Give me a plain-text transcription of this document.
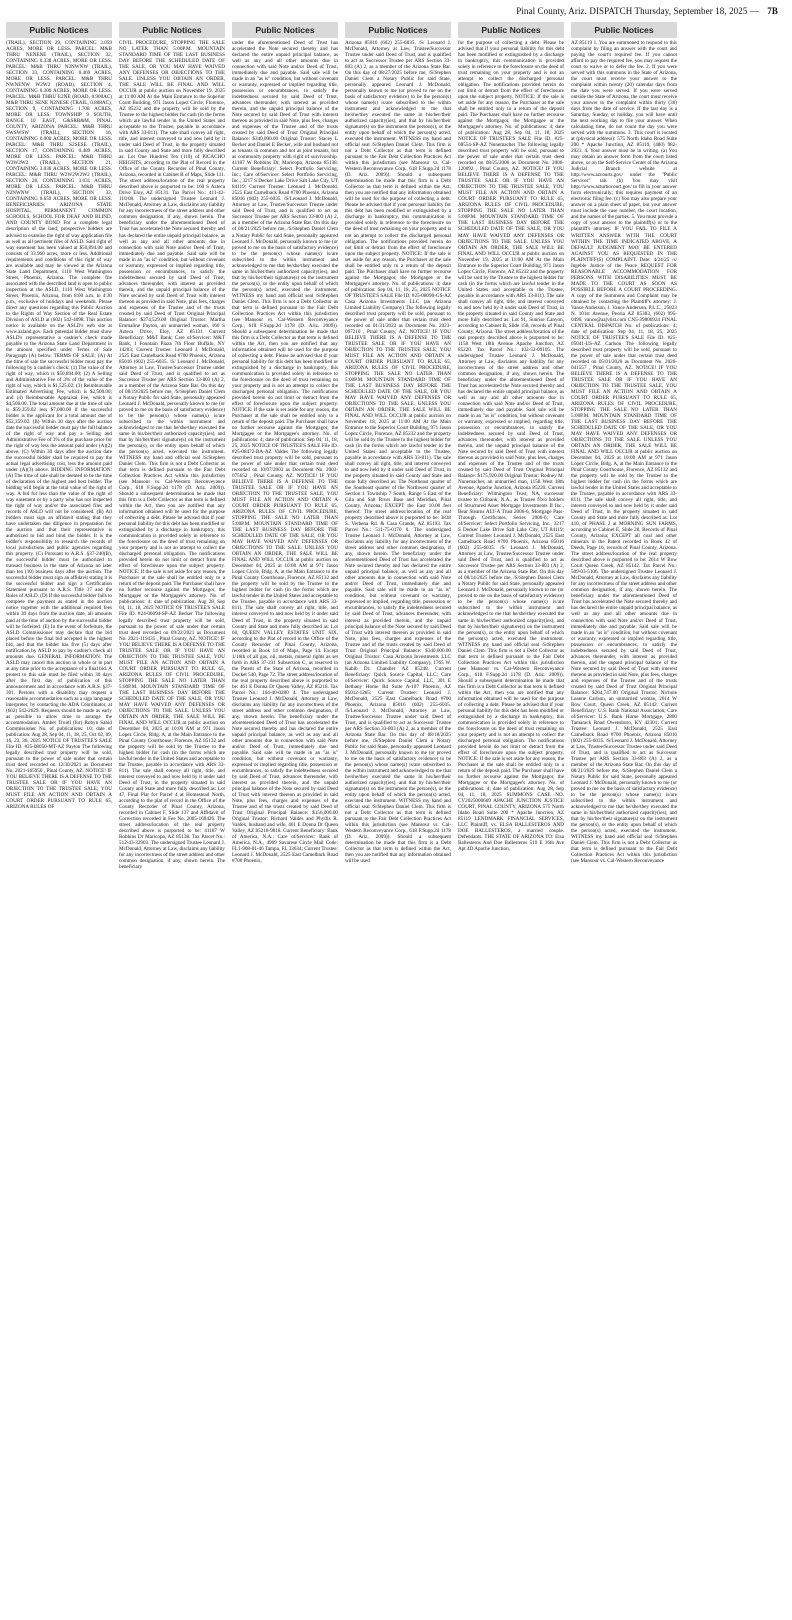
Pinal County, Ariz. DISPATCH Thursday, September 18, 2025 — 7B
Public Notices
(TRAIL), SECTION 29, CONTAINING 3.059 ACRES, MORE OR LESS. PARCEL: M&B THRU NENENE (TRAIL), SECTION 32, CONTAINING 0.338 ACRES, MORE OR LESS. PARCEL: M&B THRU N2NWNW (TRAIL), SECTION 33, CONTAINING 0.469 ACRES, MORE OR LESS. PARCEL: M&B THRU NWNENW W2W2 (ROAD), SECTION 4, CONTAINING 0.300 ACRES, MORE OR LESS. PARCEL: M&B THRU E2NE (ROAD, 0.900AC) M&B THRU SENE N2NESE (TRAIL, 0.808AC), SECTION 9, CONTAINING 1.708 ACRES, MORE OR LESS. TOWNSHIP 9 SOUTH, RANGE 10 EAST, G&SRB&M, PINAL COUNTY, ARIZONA PARCEL: M&B THRU SWSWSW (TRAIL), SECTION 16, CONTAINING 0.000 ACRES, MORE OR LESS. PARCEL: M&B THRU S2SESE (TRAIL), SECTION 17, CONTAINING 0.489 ACRES, MORE OR LESS. PARCEL: M&B THRU W2W2W2 (TRAIL), SECTION 21, CONTAINING 3.036 ACRES, MORE OR LESS. PARCEL: M&B THRU W2W2W2W2 (TRAIL), SECTION 28, CONTAINING 3.031 ACRES, MORE OR LESS. PARCEL: M&B THRU N2NWNW (TRAIL), SECTION 33, CONTAINING 0.659 ACRES, MORE OR LESS. BENEFICIARIES: ARIZONA STATE HOSPITAL, PERMANENT COMMON SCHOOLS, SCHOOL FOR DEAF AND BLIND, AND COUNTY BOND For a complete legal description of the land, prospective bidders are advised to examine the right of way application file as well as all pertinent files of ASLD. Said right of way easement has been valued at $50,894.00 and consists of 33.960 acres, more or less. Additional requirements and conditions of this right of way are available and may be viewed at the Arizona State Land Department, 1110 West Washington Street, Phoenix, Arizona. The complete file associated with the described land is open to public inspection at the ASLD, 1110 West Washington Street, Phoenix, Arizona, from 8:00 a.m. to 4:30 p.m., exclusive of holidays and weekends. Please direct any questions regarding this Public Auction to the Rights of Way Section of the Real Estate Division of ASLD at (602) 542-4098. This auction notice is available on the ASLD's web site at www.azland.gov. Each potential bidder must show ASLD's representative a cashier's check made payable to the Arizona State Land Department in the amount specified under Terms of Sale Paragraph (A) below. TERMS OF SALE: (A) At the time of sale the successful bidder must pay the following by a cashier's check: (1) The value of the right of way, which is $50,894.00; (2) A Selling and Administrative Fee of 3% of the value of the right of way, which is $1,525.02; (3) Reimbursable Estimated Advertising Fee, which is $2,500.00; and (4) Reimbursable Appraisal Fee, which is $4,500.00. The total amount due at the time of sale is $59,359.02 less $7,000.00 if the successful bidder is the applicant for a total amount due of $52,359.02. (B) Within 30 days after the auction date the successful bidder must pay the full balance of the right of way and pay a Selling and Administrative Fee of 3% of the purchase price for the right of way less the amount paid under (A)(2) above. (C) Within 30 days after the auction date the successful bidder shall be required to pay the actual legal advertising cost, less the amount paid under (A)(3) above. BIDDING INFORMATION: (A) The time of sale shall be deemed to be the time of declaration of the highest and best bidder. The bidding will begin at the total value of the right of way. A bid for less than the value of the right of way easement or by a party who has not inspected the right of way and/or the associated files and records of ASLD will not be considered. (B) All bidders must sign an affidavit stating that they have undertaken due diligence in preparation for the auction and that their representative is authorized to bid and bind the bidder. It is the bidder's responsibility to research the records of local jurisdictions and public agencies regarding this property. (C) Pursuant to A.R.S. §37-240(B), the successful bidder must be authorized to transact business in the state of Arizona no later than ten (10) business days after the auction. The successful bidder must sign an affidavit stating it is the successful bidder and sign a Certification Statement pursuant to A.R.S. Title 37 and the Rules of ASLD. (D) If the successful bidder fails to complete the payment as stated in the auction notice together with the additional required fees within 30 days from the auction date, all amounts paid at the time of auction by the successful bidder will be forfeited. (E) In the event of forfeiture, the ASLD Commissioner may declare that the bid placed before the final bid accepted is the highest bid, and that the bidder has five (5) days after notification by ASLD to pay by cashier's check all amounts due. GENERAL INFORMATION: The ASLD may cancel this auction in whole or in part at any time prior to the acceptance of a final bid. A protest to this sale must be filed within 30 days after the first day of publication of this announcement and in accordance with A.R.S. §37-301. Persons with a disability may request a reasonable accommodation such as a sign language interpreter, by contacting the ADA Coordinator, at (602) 542-2629. Requests should be made as early as possible to allow time to arrange the accommodation. Amber Troidl (for) Robyn Sahid Commissioner No. of publications: 10; date of publication: Aug 28, Sep 04, 11, 18, 25, Oct 02, 09, 16, 23, 30, 2025 NOTICE OF TRUSTEE'S SALE File ID. #25-08050-MT-AZ Payton The following legally described trust property will be sold, pursuant to the power of sale under that certain trust deed recorded on 12/30/2021 as Document No. 2021-165950 , Pinal County, AZ. NOTICE! IF YOU BELIEVE THERE IS A DEFENSE TO THE TRUSTEE SALE OR IF YOU HAVE AN OBJECTION TO THE TRUSTEE SALE, YOU MUST FILE AN ACTION AND OBTAIN A COURT ORDER PURSUANT TO RULE 65, ARIZONA RULES OF
Public Notices
CIVIL PROCEDURE, STOPPING THE SALE NO LATER THAN 5:00P.M. MOUNTAIN STANDARD TIME OF THE LAST BUSINESS DAY BEFORE THE SCHEDULED DATE OF THE SALE, OR YOU MAY HAVE WAIVED ANY DEFENSES OR OBJECTIONS TO THE SALE. UNLESS YOU OBTAIN AN ORDER, THE SALE WILL BE FINAL AND WILL OCCUR at public auction on November 19, 2025 at 11:00 AM At the Main Entrance to the Superior Court Building, 971 Jason Lopez Circle, Florence, AZ 85232 and the property will be sold by the Trustee to the highest bidder for cash (in the forms which are lawful tender in the United States and acceptable to the Trustee, payable in accordance with ARS 33-811). The sale shall convey all right, title, and interest conveyed to and now held by it under said Deed of Trust, in the property situated in said County and State and more fully described as: Lot One Hundred Ten (110) of PICACHO HEIGHTS, according to the Plat of Record in the Office of the County Recorder of Pinal County, Arizona, recorded in Cabinet B of Maps, Slide 111. The street address/location of the real property described above is purported to be: 160 S Azteca Drive Eloy, AZ 85131. Tax Parcel No.: 411-42-110/08. The undersigned Trustee Leonard J. McDonald, Attorney at Law, disclaims any liability for any incorrectness of the street address and other common designation, if any, shown herein. The beneficiary under the aforementioned Deed of Trust has accelerated the Note secured thereby and has declared the entire unpaid principal balance, as well as any and all other amounts due in connection with said Note and/or Deed of Trust, immediately due and payable. Said sale will be made in an "as is" condition, but without covenant or warranty, expressed or implied regarding title, possession or encumbrances, to satisfy the indebtedness secured by said Deed of Trust, advances thereunder, with interest as provided therein, and the unpaid principal balance of the Note secured by said Deed of Trust with interest thereon as provided in said Note, plus fees, charges and expenses of the Trustee and of the trusts created by said Deed of Trust Original Principal Balance: $274,529.00 Original Trustor: Martha Emmaline Payton, an unmarried woman, 160 S Azteca Drive, Eloy, AZ 85131 Current Beneficiary: M&T Bank; Care of/Servicer: M&T Bank, 1 Fountain Plaza 7th Floor Buffalo, NY 14203; Current Trustee: Leonard J. McDonald, 2525 East Camelback Road #700 Phoenix, Arizona 85016 (602) 255-6035. /S/ Leonard J. McDonald, Attorney at Law, Trustee/Successor Trustee under said Deed of Trust, and is qualified to act as Successor Trustee per ARS Section 33-803 (A) 2, as a member of the Arizona State Bar. On this day of 08/19/2025 before me, /S/Stephen Daniel Clem a Notary Public for said State, personally appeared Leonard J. McDonald, personally known to me (or proved to me on the basis of satisfactory evidence) to be the person(s) whose name(s) is/are subscribed to the within instrument and acknowledged to me that he/she/they executed the same in his/her/their authorized capacity(ies), and that by his/her/their signature(s) on the instrument the person(s), or the entity upon behalf of which the person(s) acted, executed the instrument. WITNESS my hand and official seal /S/Stephen Daniel Clem. This firm is not a Debt Collector as that term is defined pursuant to the Fair Debt Collection Practices Act within this jurisdiction (see Mansour vs. Cal-Western Reconveyance Corp., 618 F.Supp.2d 1178 (D. Ariz. 2009)). Should a subsequent determination be made that this firm is a Debt Collector as that term is defined within the Act, then you are notified that any information obtained will be used for the purpose of collecting a debt. Please be advised that if your personal liability for this debt has been modified or extinguished by a discharge in bankruptcy, this communication is provided solely in reference to the foreclosure on the deed of trust remaining on your property and is not an attempt to collect the discharged personal obligation. The notifications provided herein do not limit or detract from the effect of foreclosure upon the subject property. NOTICE: If the sale is set aside for any reason, the Purchaser at the sale shall be entitled only to a return of the deposit paid. The Purchaser shall have no further recourse against the Mortgagor, the Mortgagee or the Mortgagee's attorney. No. of publications: 4; date of publication: Aug 28, Sep 04, 11, 18, 2025 NOTICE OF TRUSTEE'S SALE File ID. #24-06094-SP-AZ Becker The following legally described trust property will be sold, pursuant to the power of sale under that certain trust deed recorded on 09/22/2021 as Document No. 2021-119435 , Pinal County, AZ. NOTICE! IF YOU BELIEVE THERE IS A DEFENSE TO THE TRUSTEE SALE OR IF YOU HAVE AN OBJECTION TO THE TRUSTEE SALE, YOU MUST FILE AN ACTION AND OBTAIN A COURT ORDER PURSUANT TO RULE 65, ARIZONA RULES OF CIVIL PROCEDURE, STOPPING THE SALE NO LATER THAN 5:00P.M. MOUNTAIN STANDARD TIME OF THE LAST BUSINESS DAY BEFORE THE SCHEDULED DATE OF THE SALE, OR YOU MAY HAVE WAIVED ANY DEFENSES OR OBJECTIONS TO THE SALE. UNLESS YOU OBTAIN AN ORDER, THE SALE WILL BE FINAL AND WILL OCCUR at public auction on December 04, 2025 at 10:00 AM at 971 Jason Lopez Circle, Bldg. A, at the Main Entrance to the Pinal County Courthouse, Florence, AZ 85132 and the property will be sold by the Trustee to the highest bidder for cash (in the forms which are lawful tender in the United States and acceptable to the Trustee, payable in accordance with ARS 33-811). The sale shall convey all right, title, and interest conveyed to and now held by it under said Deed of Trust, in the property situated in said County and State and more fully described as: Lot 47, Final Plat for Parcel 4 at Homestead North, according to the plat of record in the Office of the County Recorder of Pinal County, Arizona, recorded in Cabinet F, Slide 137 and Affidavit of Correction recorded in Fee No. 2005-169426. The street address/location of the real property described above is purported to be: 41187 W Robbins Dr Maricopa, AZ 85138. Tax Parcel No.: 512-43-32903. The undersigned Trustee Leonard J. McDonald, Attorney at Law, disclaims any liability for any incorrectness of the street address and other common designation, if any, shown herein. The beneficiary
Public Notices
under the aforementioned Deed of Trust has accelerated the Note secured thereby and has declared the entire unpaid principal balance, as well as any and all other amounts due in connection with said Note and/or Deed of Trust, immediately due and payable. Said sale will be made in an "as is" condition, but without covenant or warranty, expressed or implied regarding title, possession or encumbrances, to satisfy the indebtedness secured by said Deed of Trust, advances thereunder, with interest as provided therein, and the unpaid principal balance of the Note secured by said Deed of Trust with interest thereon as provided in said Note, plus fees, charges and expenses of the Trustee and of the trusts created by said Deed of Trust Original Principal Balance: $340,000.00 Original Trustor: Stacey L Becker and Daniel E Becker, wife and husband not as tenants in common and not as joint tenants, but as community property with right of survivorship. 41187 W Robbins Dr, Maricopa, Arizona 85138. Current Beneficiary: Select Portfolio Servicing, Inc.; Care of/Servicer: Select Portfolio Servicing, Inc., 3217 S Decker Lake Drive Salt Lake City, UT 84119; Current Trustee: Leonard J. McDonald, 2525 East Camelback Road #700 Phoenix, Arizona 85016 (602) 255-6035. /S/Leonard J. McDonald, Attorney at Law, Trustee/Successor Trustee under said Deed of Trust, and is qualified to act as Successor Trustee per ARS Section 33-803 (A) 2, as a member of the Arizona State Bar. On this day of 08/21/2025 before me, /S/Stephen Daniel Clem a Notary Public for said State, personally appeared Leonard J. McDonald, personally known to me (or proved to me on the basis of satisfactory evidence) to be the person(s) whose name(s) is/are subscribed to the within instrument and acknowledged to me that he/she/they executed the same in his/her/their authorized capacity(ies), and that by his/her/their signature(s) on the instrument the person(s), or the entity upon behalf of which the person(s) acted, executed the instrument. WITNESS my hand and official seal /S/Stephen Daniel Clem. This firm is not a Debt Collector as that term is defined pursuant to the Fair Debt Collection Practices Act within this jurisdiction (see Mansour vs. Cal-Western Reconveyance Corp., 618 F.Supp.2d 1178 (D. Ariz. 2009)). Should a subsequent determination be made that this firm is a Debt Collector as that term is defined within the Act, then you are notified that any information obtained will be used for the purpose of collecting a debt. Please be advised that if your personal liability for this debt has been modified or extinguished by a discharge in bankruptcy, this communication is provided solely in reference to the foreclosure on the deed of trust remaining on your property and is not an attempt to collect the discharged personal obligation. The notifications provided herein do not limit or detract from the effect of foreclosure upon the subject property. NOTICE: If the sale is set aside for any reason, the Purchaser at the sale shall be entitled only to a return of the deposit paid. The Purchaser shall have no further recourse against the Mortgagor, the Mortgagee or the Mortgagee's attorney. No. of publications: 4; date of publication: Sep 04, 11, 18, 25, 2025 NOTICE OF TRUSTEE'S SALE File ID. #25-08472-BA-AZ Valdes The following legally described trust property will be sold, pursuant to the power of sale under that certain trust deed recorded on 10/07/2003 as Document No. 2003-075652 , Pinal County, AZ. NOTICE! IF YOU BELIEVE THERE IS A DEFENSE TO THE TRUSTEE SALE OR IF YOU HAVE AN OBJECTION TO THE TRUSTEE SALE, YOU MUST FILE AN ACTION AND OBTAIN A COURT ORDER PURSUANT TO RULE 65, ARIZONA RULES OF CIVIL PROCEDURE, STOPPING THE SALE NO LATER THAN 5:00P.M. MOUNTAIN STANDARD TIME OF THE LAST BUSINESS DAY BEFORE THE SCHEDULED DATE OF THE SALE, OR YOU MAY HAVE WAIVED ANY DEFENSES OR OBJECTIONS TO THE SALE. UNLESS YOU OBTAIN AN ORDER, THE SALE WILL BE FINAL AND WILL OCCUR at public auction on December 04, 2025 at 10:00 AM at 971 Jason Lopez Circle, Bldg. A, at the Main Entrance to the Pinal County Courthouse, Florence, AZ 85132 and the property will be sold by the Trustee to the highest bidder for cash (in the forms which are lawful tender in the United States and acceptable to the Trustee, payable in accordance with ARS 33-811). The sale shall convey all right, title, and interest conveyed to and now held by it under said Deed of Trust, in the property situated in said County and State and more fully described as: Lot 60, QUEEN VALLEY ESTATES UNIT SIX, according to the Plat of record in the Office of the County Recorder of Pinal County, Arizona, recorded in Book 14 of Maps, Page 14. Except 1/16th of all gas, oil, metals, mineral rights as set forth in ARS 37-231 Subsection C, as reserved in the Patent of the State of Arizona, recorded in Docket 540, Page 72. The street address/location of the real property described above is purported to be: 461 E Donna Dr Queen Valley, AZ 85218. Tax Parcel No.: 104-40-0280 4. The undersigned Trustee Leonard J. McDonald, Attorney at Law, disclaims any liability for any incorrectness of the street address and other common designation, if any, shown herein. The beneficiary under the aforementioned Deed of Trust has accelerated the Note secured thereby and has declared the entire unpaid principal balance, as well as any and all other amounts due in connection with said Note and/or Deed of Trust, immediately due and payable. Said sale will be made in an "as is" condition, but without covenant or warranty, expressed or implied regarding title, possession or encumbrances, to satisfy the indebtedness secured by said Deed of Trust, advances thereunder, with interest as provided therein, and the unpaid principal balance of the Note secured by said Deed of Trust with interest thereon as provided in said Note, plus fees, charges and expenses of the Trustee and of the trusts created by said Deed of Trust Original Principal Balance: $156,000.00 Original Trustor: Richard Valdes and Phyllis R. Valdes, husband and wife, 461 E Donna Dr Queen Valley, AZ 85218-9818. Current Beneficiary: Bank of America, N.A.; Care of/Servicer: Bank of America, N.A., 4909 Savarese Circle Mail Code: FL1-908-01-46 Tampa, FL 33634; Current Trustee: Leonard J. McDonald, 2525 East Camelback Road #700 Phoenix,
Public Notices
Arizona 85016 (602) 255-6035. /S/ Leonard J. McDonald, Attorney at Law, Trustee/Successor Trustee under said Deed of Trust, and is qualified to act as Successor Trustee per ARS Section 33-803 (A) 2, as a member of the Arizona State Bar. On this day of 08/27/2025 before me, /S/Stephen Daniel Clem a Notary Public for said State, personally appeared Leonard J. McDonald, personally known to me (or proved to me on the basis of satisfactory evidence) to be the person(s) whose name(s) is/are subscribed to the within instrument and acknowledged to me that he/she/they executed the same in his/her/their authorized capacity(ies), and that by his/her/their signature(s) on the instrument the person(s), or the entity upon behalf of which the person(s) acted, executed the instrument. WITNESS my hand and official seal /S/Stephen Daniel Clem. This firm is not a Debt Collector as that term is defined pursuant to the Fair Debt Collection Practices Act within this jurisdiction (see Mansour vs. Cal-Western Reconveyance Corp., 618 F.Supp.2d 1178 (D. Ariz. 2009)). Should a subsequent determination be made that this firm is a Debt Collector as that term is defined within the Act, then you are notified that any information obtained will be used for the purpose of collecting a debt. Please be advised that if your personal liability for this debt has been modified or extinguished by a discharge in bankruptcy, this communication is provided solely in reference to the foreclosure on the deed of trust remaining on your property and is not an attempt to collect the discharged personal obligation. The notifications provided herein do not limit or detract from the effect of foreclosure upon the subject property. NOTICE: If the sale is set aside for any reason, the Purchaser at the sale shall be entitled only to a return of the deposit paid. The Purchaser shall have no further recourse against the Mortgagor, the Mortgagee or the Mortgagee's attorney. No. of publications: 4; date of publication: Sep 04, 11, 18, 25, 2025 NOTICE OF TRUSTEE'S SALE File ID. #25-08090-GS-AZ Casa Arizona Investments LLC (an Arizona Limited Liability Company) The following legally described trust property will be sold, pursuant to the power of sale under that certain trust deed recorded on 01/31/2023 as Document No. 2023-007210 , Pinal County, AZ. NOTICE! IF YOU BELIEVE THERE IS A DEFENSE TO THE TRUSTEE SALE OR IF YOU HAVE AN OBJECTION TO THE TRUSTEE SALE, YOU MUST FILE AN ACTION AND OBTAIN A COURT ORDER PURSUANT TO RULE 65, ARIZONA RULES OF CIVIL PROCEDURE, STOPPING THE SALE NO LATER THAN 5:00P.M. MOUNTAIN STANDARD TIME OF THE LAST BUSINESS DAY BEFORE THE SCHEDULED DATE OF THE SALE, OR YOU MAY HAVE WAIVED ANY DEFENSES OR OBJECTIONS TO THE SALE. UNLESS YOU OBTAIN AN ORDER, THE SALE WILL BE FINAL AND WILL OCCUR at public auction on November 18, 2025 at 11:00 AM At the Main Entrance to the Superior Court Building, 971 Jason Lopez Circle, Florence, AZ 85232 and the property will be sold by the Trustee to the highest bidder for cash (in the forms which are lawful tender in the United States and acceptable to the Trustee, payable in accordance with ARS 33-811). The sale shall convey all right, title, and interest conveyed to and now held by it under said Deed of Trust, in the property situated in said County and State and more fully described as: The Northeast quarter of the Southeast quarter of the Northwest quarter of Section 1 Township 7 South, Range 5 East of the Gila and Salt River Base and Meridian, Pinal County, Arizona; EXCEPT the East 10.00 feet thereof. The street address/location of the real property described above is purported to be: 3838 S. Verbena Rd. & Casa Grande, AZ 85193. Tax Parcel No.: 511-75-0170 0. The undersigned Trustee Leonard J. McDonald, Attorney at Law, disclaims any liability for any incorrectness of the street address and other common designation, if any, shown herein. The beneficiary under the aforementioned Deed of Trust has accelerated the Note secured thereby and has declared the entire unpaid principal balance, as well as any and all other amounts due in connection with said Note and/or Deed of Trust, immediately due and payable. Said sale will be made in an "as is" condition, but without covenant or warranty, expressed or implied, regarding title, possession or encumbrances, to satisfy the indebtedness secured by said Deed of Trust, advances thereunder, with interest as provided therein, and the unpaid principal balance of the Note secured by said Deed of Trust with interest thereon as provided in said Note, plus fees, charges and expenses of the Trustee and of the trusts created by said Deed of Trust Original Principal Balance: $340,000.00 Original Trustor: Casa Arizona Investments LLC (an Arizona Limited Liability Company), 1765 W. Kabib Dr. Chandler AZ 85248. Current Beneficiary: Quick Source Capital, LLC; Care of/Servicer: Quick Source Capital, LLC, 301 E Bethany Home Rd Suite A-107 Phoenix, AZ 85012-1265; Current Trustee: Leonard J. McDonald, 2525 East Camelback Road #700 Phoenix, Arizona 85016 (602) 255-6035. /S/Leonard J. McDonald, Attorney at Law, Trustee/Successor Trustee under said Deed of Trust, and is qualified to act as Successor Trustee per ARS Section 33-803 (A) 2, as a member of the Arizona State Bar. On this day of 08/18/2025 before me, /S/Stephen Daniel Clem a Notary Public for said State, personally appeared Leonard J. McDonald, personally known to me (or proved to me on the basis of satisfactory evidence) to be the person(s) whose name(s) is/are subscribed to the within instrument and acknowledged to me that he/she/they executed the same in his/her/their authorized capacity(ies), and that by his/her/their signature(s) on the instrument the person(s), or the entity upon behalf of which the person(s) acted, executed the instrument. WITNESS my hand and official seal /S/Stephen Daniel Clem. This firm is not a Debt Collector as that term is defined pursuant to the Fair Debt Collection Practices Act within this jurisdiction (see Mansour vs. Cal-Western Reconveyance Corp., 618 F.Supp.2d 1178 (D. Ariz. 2009)). Should a subsequent determination be made that this firm is a Debt Collector as that term is defined within the Act, then you are notified that any information obtained will be used
Public Notices
for the purpose of collecting a debt. Please be advised that if your personal liability for this debt has been modified or extinguished by a discharge in bankruptcy, this communication is provided solely in reference to the foreclosure on the deed of trust remaining on your property and is not an attempt to collect the discharged personal obligation. The notifications provided herein do not limit or detract from the effect of foreclosure upon the subject property. NOTICE: If the sale is set aside for any reason, the Purchaser at the sale shall be entitled only to a return of the deposit paid. The Purchaser shall have no further recourse against the Mortgagor, the Mortgagee or the Mortgagee's attorney. No. of publications: 4; date of publication: Aug 28, Sep 04, 11, 18, 2025 NOTICE OF TRUSTEE'S SALE File ID. #25-08554-SP-AZ Nunemacher The following legally described trust property will be sold, pursuant to the power of sale under that certain trust deed recorded on 08/25/2006 as Document No. 2006-120092 , Pinal County, AZ. NOTICE! IF YOU BELIEVE THERE IS A DEFENSE TO THE TRUSTEE SALE OR IF YOU HAVE AN OBJECTION TO THE TRUSTEE SALE, YOU MUST FILE AN ACTION AND OBTAIN A COURT ORDER PURSUANT TO RULE 65, ARIZONA RULES OF CIVIL PROCEDURE, STOPPING THE SALE NO LATER THAN 5:00P.M. MOUNTAIN STANDARD TIME OF THE LAST BUSINESS DAY BEFORE THE SCHEDULED DATE OF THE SALE, OR YOU MAY HAVE WAIVED ANY DEFENSES OR OBJECTIONS TO THE SALE. UNLESS YOU OBTAIN AN ORDER, THE SALE WILL BE FINAL AND WILL OCCUR at public auction on November 19, 2025 at 11:00 AM At the Main Entrance to the Superior Court Building, 971 Jason Lopez Circle, Florence, AZ 85232 and the property will be sold by the Trustee to the highest bidder for cash (in the forms which are lawful tender in the United States and acceptable to the Trustee, payable in accordance with ARS 33-811). The sale shall convey all right, title, and interest conveyed to and now held by it under said Deed of Trust, in the property situated in said County and State and more fully described as: Lot 91, Sunrise Canyon, according to Cabinet B, Slide 158, records of Pinal County, Arizona. The street address/location of the real property described above is purported to be: 1158 West 18th Avenue Apache Junction, AZ 85220. Tax Parcel No.: 102-52-09105. The undersigned Trustee Leonard J. McDonald, Attorney at Law, disclaims any liability for any incorrectness of the street address and other common designation, if any, shown herein. The beneficiary under the aforementioned Deed of Trust has accelerated the Note secured thereby and has declared the entire unpaid principal balance, as well as any and all other amounts due in connection with said Note and/or Deed of Trust, immediately due and payable. Said sale will be made in an "as is" condition, but without covenant or warranty, expressed or implied, regarding title, possession or encumbrances, to satisfy the indebtedness secured by said Deed of Trust, advances thereunder, with interest as provided therein, and the unpaid principal balance of the Note secured by said Deed of Trust with interest thereon as provided in said Note, plus fees, charges and expenses of the Trustee and of the trusts created by said Deed of Trust Original Principal Balance: $175,920.00 Original Trustor: Rodney M. Nunemacher, an unmarried man, 1158 West 18th Avenue, Apache Junction, Arizona 85220. Current Beneficiary: Wilmington Trust, NA, successor trustee to Citibank, N.A., as Trustee f/b/o holders of Structured Asset Mortgage Investments II Inc., Bear Stearns ALT-A Trust 2006-6, Mortgage Pass-Through Certificates, Series 2006-6; Care of/Servicer: Select Portfolio Servicing, Inc., 3217 S Decker Lake Drive Salt Lake City, UT 84119; Current Trustee: Leonard J. McDonald, 2525 East Camelback Road #700 Phoenix, Arizona 85016 (602) 255-6035. /S/ Leonard J. McDonald, Attorney at Law, Trustee/Successor Trustee under said Deed of Trust, and is qualified to act as Successor Trustee per ARS Section 33-803 (A) 2, as a member of the Arizona State Bar. On this day of 08/14/2025 before me, /S/Stephen Daniel Clem a Notary Public for said State, personally appeared Leonard J. McDonald, personally known to me (or proved to me on the basis of satisfactory evidence) to be the person(s) whose name(s) is/are subscribed to the within instrument and acknowledged to me that he/she/they executed the same in his/her/their authorized capacity(ies), and that by his/her/their signature(s) on the instrument the person(s), or the entity upon behalf of which the person(s) acted, executed the instrument. WITNESS my hand and official seal /S/Stephen Daniel Clem. This firm is not a Debt Collector as that term is defined pursuant to the Fair Debt Collection Practices Act within this jurisdiction (see Mansour vs. Cal-Western Reconveyance Corp., 618 F.Supp.2d 1178 (D. Ariz. 2009)). Should a subsequent determination be made that this firm is a Debt Collector as that term is defined within the Act, then you are notified that any information obtained will be used for the purpose of collecting a debt. Please be advised that if your personal liability for this debt has been modified or extinguished by a discharge in bankruptcy, this communication is provided solely in reference to the foreclosure on the deed of trust remaining on your property and is not an attempt to collect the discharged personal obligation. The notifications provided herein do not limit or detract from the effect of foreclosure upon the subject property. NOTICE: If the sale is set aside for any reason, the Purchaser at the sale shall be entitled only to a return of the deposit paid. The Purchaser shall have no further recourse against the Mortgagor, the Mortgagee or the Mortgagee's attorney. No. of publications: 4; date of publication: Aug 28, Sep 04, 11, 18, 2025 SUMMONS CASE NO. CV2025000669 APACHE JUNCTION JUSTICE COURT, PINAL COUNTY, ARIZONA 575 North Idaho Road Suite 200 * Apache Junction, AZ 85119 LENDMARK FINANCIAL SERVICES, LLC Plaintiff, vs. ELSA BALLESTEROS AND DOE BALLESTEROS, a married couple. Defendants. THE STATE OF ARIZONA TO: Elsa Ballesteros And Doe Ballesteros 510 E 16th Ave Apt 4D Apache Junction,
Public Notices
AZ 85119 1. You are summoned to respond to this complaint by filing an answer with the court and paying the court's required fee. If you cannot afford to pay the required fee, you may request the court to waive or to defer the fee. 2. If you were served with this summons in the State of Arizona, the court must receive your answer to the complaint within twenty (20) calendar days from the date you were served. If you were served outside the State of Arizona, the court must receive your answer to the complaint within thirty (30) days from the date of service. If the last day is a Saturday, Sunday, or holiday, you will have until the next working day to file your answer. When calculating time, do not count the day you were served with the summons. 3. This court is located at (physical address): 575 North Idaho Road Suite 200 * Apache Junction, AZ 85119, (480) 982-2921. 4. Your answer must be in writing. (a) You may obtain an answer form from the court listed above, or on the Self-Service Center of the Arizona Judicial Branch website at http://www.azcourts.gov/ under the "Public Services" tab. (b) You may visit http://www.azturbocourt.gov/ to fill in your answer form electronically; this requires payment of an electronic filing fee. (c) You may also prepare your answer on a plain sheet of paper, but your answer must include the case number, the court location, and the names of the parties. 5. You must provide a copy of your answer to the plaintiff(s) or to the plaintiff's attorney. IF YOU FAIL TO FILE A WRITTEN ANSWER WITH THE COURT WITHIN THE TIME INDICATED ABOVE, A DEFAULT JUDGMENT MAY BE ENTERED AGAINST YOU AS REQUESTED IN THE PLAINTIFF(S) COMPLAINT. Date: 4/24/25 /s/ Ingeble Justice of the Peace REQUEST FOR REASONABLE ACCOMMODATION FOR PERSONS WITH DISABILITIES MUST BE MADE TO THE COURT AS SOON AS POSSIBLE BEFORE A COURT PROCEEDING. A copy of the Summons and Complaint may be obtained by contacting the Plaintiff's attorney: J. Vance Anderson, J. Vance Anderson, P.L.C., 25823 N. 101st Avenue, Peoria AZ 85383, (602) 995-0490, vance@azjvlist.com CN5-39806924 FINAL CENTRAL DISPATCH No. of publications: 4; date of publication: Sep 04, 11, 18, 25, 2025 NOTICE OF TRUSTEE'S SALE File ID. #25-05041-US-AZ Carlson The following legally described trust property will be sold, pursuant to the power of sale under that certain trust deed recorded on 05/01/2020 as Document No. 2020-041557 , Pinal County, AZ. NOTICE! IF YOU BELIEVE THERE IS A DEFENSE TO THE TRUSTEE SALE OR IF YOU HAVE AN OBJECTION TO THE TRUSTEE SALE, YOU MUST FILE AN ACTION AND OBTAIN A COURT ORDER PURSUANT TO RULE 65, ARIZONA RULES OF CIVIL PROCEDURE, STOPPING THE SALE NO LATER THAN 5:00P.M. MOUNTAIN STANDARD TIME OF THE LAST BUSINESS DAY BEFORE THE SCHEDULED DATE OF THE SALE, OR YOU MAY HAVE WAIVED ANY DEFENSES OR OBJECTIONS TO THE SALE. UNLESS YOU OBTAIN AN ORDER, THE SALE WILL BE FINAL AND WILL OCCUR at public auction on December 04, 2025 at 10:00 AM at 971 Jason Lopez Circle, Bldg. A, at the Main Entrance to the Pinal County Courthouse, Florence, AZ 85132 and the property will be sold by the Trustee to the highest bidder for cash (in the forms which are lawful tender in the United States and acceptable to the Trustee, payable in accordance with ARS 33-811). The sale shall convey all right, title, and interest conveyed to and now held by it under said Deed of Trust, in the property situated in said County and State and more fully described as: Lot 410, of PHASE 2 at MORNING SUN FARMS, according to Cabinet E, Slide 28, Records of Pinal County, Arizona; EXCEPT all coal and other minerals in the Patent recorded in Book 42 of Deeds, Page 16, records of Pinal County, Arizona. The street address/location of the real property described above is purported to be: 2614 W Bow Court Queen Creek, AZ 85142. Tax Parcel No.: 509-03-5106. The undersigned Trustee Leonard J. McDonald, Attorney at Law, disclaims any liability for any incorrectness of the street address and other common designation, if any, shown herein. The beneficiary under the aforementioned Deed of Trust has accelerated the Note secured thereby and has declared the entire unpaid principal balance, as well as any and all other amounts due in connection with said Note and/or Deed of Trust, immediately due and payable. Said sale will be made in an "as is" condition, but without covenant or warranty, expressed or implied regarding title, possession or encumbrances, to satisfy the indebtedness secured by said Deed of Trust, advances thereunder, with interest as provided therein, and the unpaid principal balance of the Note secured by said Deed of Trust with interest thereon as provided in said Note, plus fees, charges and expenses of the Trustee and of the trusts created by said Deed of Trust Original Principal Balance: $264,747.00 Original Trustor: Nichole Leanne Carlson, an unmarried woman, 2614 W Bow Court, Queen Creek, AZ 85142. Current Beneficiary: U.S. Bank National Association; Care of/Servicer: U.S. Bank Home Mortgage, 2800 Tamarack Road Owensboro, KY 42301; Current Trustee: Leonard J. McDonald, 2525 East Camelback Road #700 Phoenix, Arizona 85016 (602) 255-6035. /S/Leonard J. McDonald, Attorney at Law, Trustee/Successor Trustee under said Deed of Trust, and is qualified to act as Successor Trustee per ARS Section 33-803 (A) 2, as a member of the Arizona State Bar. On this day of 08/21/2025 before me, /S/Stephen Daniel Clem a Notary Public for said State, personally appeared Leonard J. McDonald, personally known to me (or proved to me on the basis of satisfactory evidence) to be the person(s) whose name(s) is/are subscribed to the within instrument and acknowledged to me that he/she/they executed the same in his/her/their authorized capacity(ies), and that by his/her/their signature(s) on the instrument the person(s), or the entity upon behalf of which the person(s) acted, executed the instrument. WITNESS my hand and official seal /S/Stephen Daniel Clem. This firm is not a Debt Collector as that term is defined pursuant to the Fair Debt Collection Practices Act within this jurisdiction (see Mansour vs. Cal-Western Reconveyance
